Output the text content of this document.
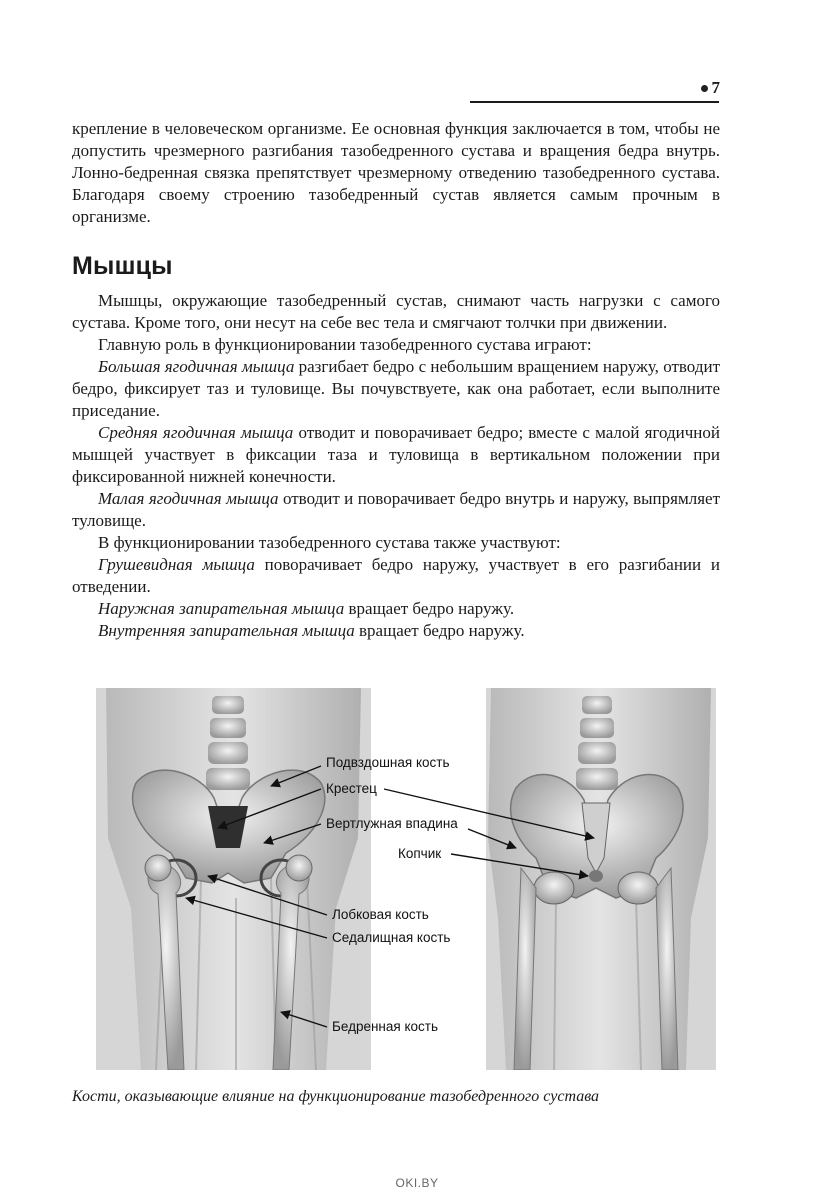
7
крепление в человеческом организме. Ее основная функция заключается в том, чтобы не допустить чрезмерного разгибания тазобедренного сустава и вращения бедра внутрь. Лонно-бедренная связка препятствует чрезмерному отведению тазобедренного сустава. Благодаря своему строению тазобедренный сустав является самым прочным в организме.
Мышцы

Мышцы, окружающие тазобедренный сустав, снимают часть нагрузки с самого сустава. Кроме того, они несут на себе вес тела и смягчают толчки при движении.

Главную роль в функционировании тазобедренного сустава играют:

Большая ягодичная мышца разгибает бедро с небольшим вращением наружу, отводит бедро, фиксирует таз и туловище. Вы почувствуете, как она работает, если выполните приседание.

Средняя ягодичная мышца отводит и поворачивает бедро; вместе с малой ягодичной мышцей участвует в фиксации таза и туловища в вертикальном положении при фиксированной нижней конечности.

Малая ягодичная мышца отводит и поворачивает бедро внутрь и наружу, выпрямляет туловище.

В функционировании тазобедренного сустава также участвуют:

Грушевидная мышца поворачивает бедро наружу, участвует в его разгибании и отведении.

Наружная запирательная мышца вращает бедро наружу.

Внутренняя запирательная мышца вращает бедро наружу.

Подвздошная кость
Крестец
Вертлужная впадина
Копчик
Лобковая кость
Седалищная кость
Бедренная кость

Кости, оказывающие влияние на функционирование тазобедренного сустава

OKI.BY
